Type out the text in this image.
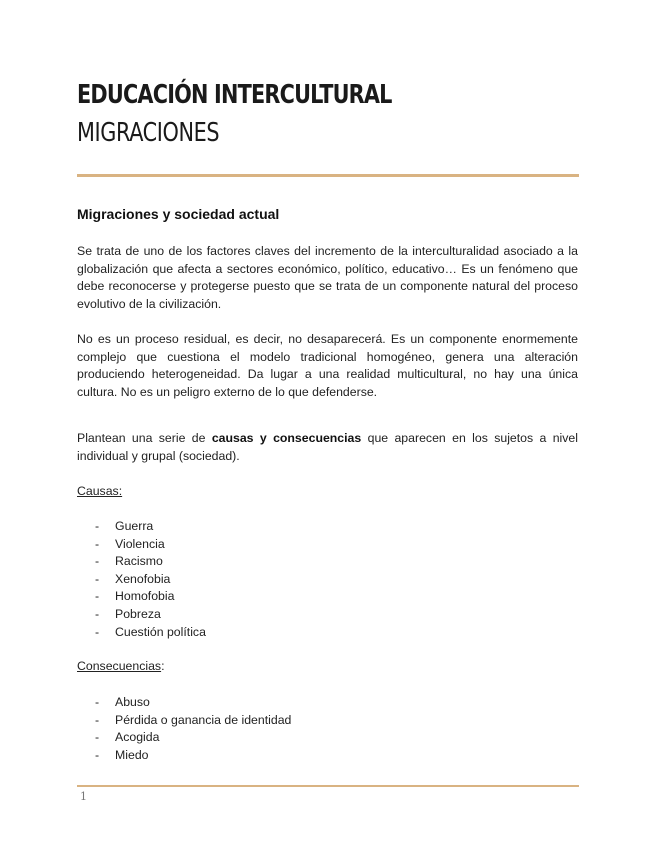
EDUCACIÓN INTERCULTURAL
MIGRACIONES
Migraciones y sociedad actual

Se trata de uno de los factores claves del incremento de la interculturalidad asociado a la globalización que afecta a sectores económico, político, educativo… Es un fenómeno que debe reconocerse y protegerse puesto que se trata de un componente natural del proceso evolutivo de la civilización.

No es un proceso residual, es decir, no desaparecerá. Es un componente enormemente complejo que cuestiona el modelo tradicional homogéneo, genera una alteración produciendo heterogeneidad. Da lugar a una realidad multicultural, no hay una única cultura. No es un peligro externo de lo que defenderse.

Plantean una serie de causas y consecuencias que aparecen en los sujetos a nivel individual y grupal (sociedad).

Causas:
- Guerra
- Violencia
- Racismo
- Xenofobia
- Homofobia
- Pobreza
- Cuestión política
Consecuencias:
- Abuso
- Pérdida o ganancia de identidad
- Acogida
- Miedo
1
